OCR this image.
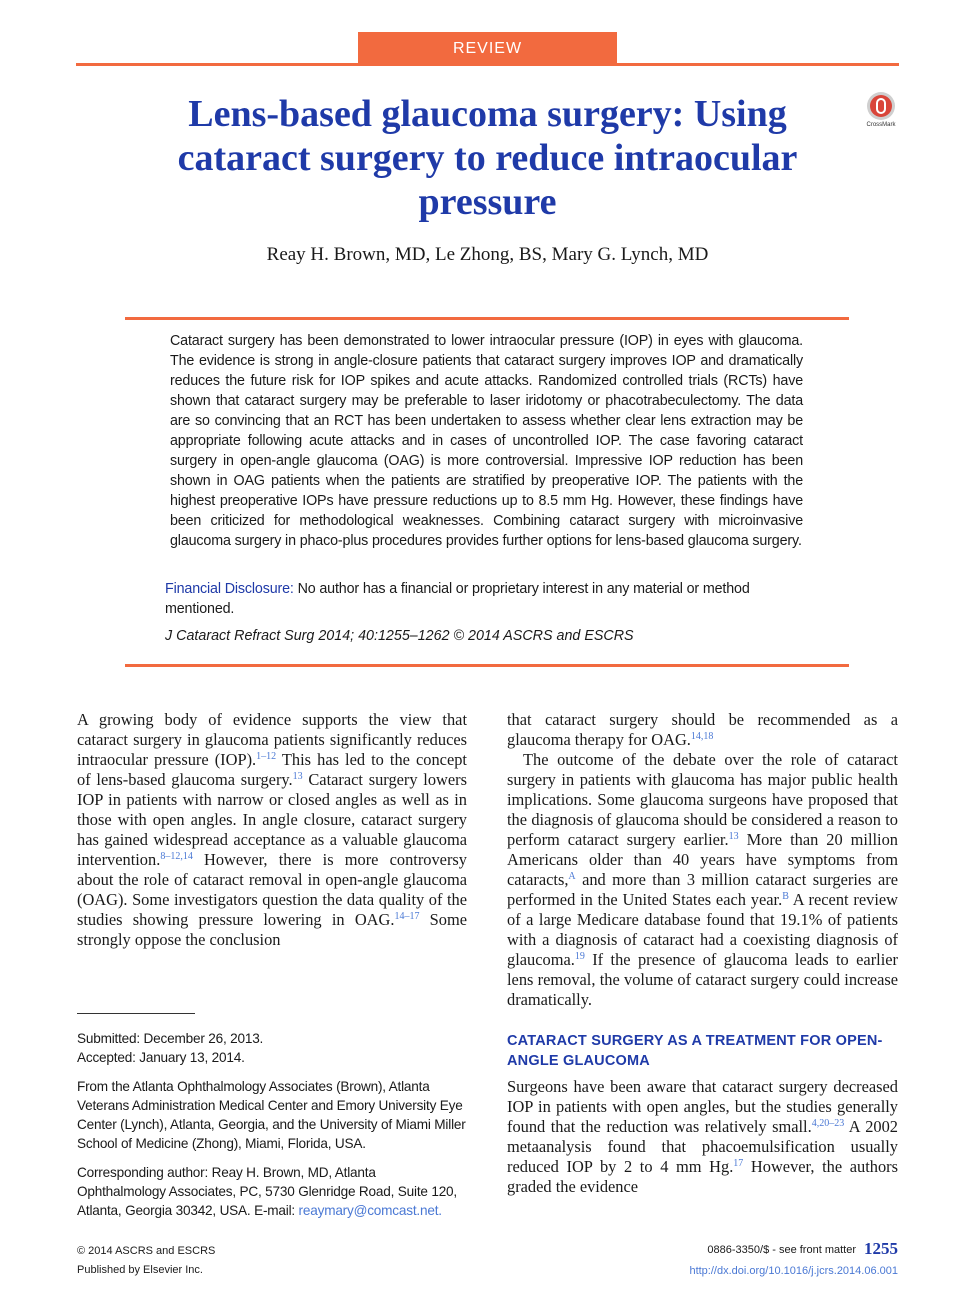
REVIEW
Lens-based glaucoma surgery: Using cataract surgery to reduce intraocular pressure
CrossMark
Reay H. Brown, MD, Le Zhong, BS, Mary G. Lynch, MD

Cataract surgery has been demonstrated to lower intraocular pressure (IOP) in eyes with glaucoma. The evidence is strong in angle-closure patients that cataract surgery improves IOP and dramatically reduces the future risk for IOP spikes and acute attacks. Randomized controlled trials (RCTs) have shown that cataract surgery may be preferable to laser iridotomy or phacotrabeculectomy. The data are so convincing that an RCT has been undertaken to assess whether clear lens extraction may be appropriate following acute attacks and in cases of uncontrolled IOP. The case favoring cataract surgery in open-angle glaucoma (OAG) is more controversial. Impressive IOP reduction has been shown in OAG patients when the patients are stratified by preoperative IOP. The patients with the highest preoperative IOPs have pressure reductions up to 8.5 mm Hg. However, these findings have been criticized for methodological weaknesses. Combining cataract surgery with microinvasive glaucoma surgery in phaco-plus procedures provides further options for lens-based glaucoma surgery.

Financial Disclosure: No author has a financial or proprietary interest in any material or method mentioned.

J Cataract Refract Surg 2014; 40:1255–1262 © 2014 ASCRS and ESCRS

A growing body of evidence supports the view that cataract surgery in glaucoma patients significantly reduces intraocular pressure (IOP).$^{1-12}$ This has led to the concept of lens-based glaucoma surgery.$^{13}$ Cataract surgery lowers IOP in patients with narrow or closed angles as well as in those with open angles. In angle closure, cataract surgery has gained widespread acceptance as a valuable glaucoma intervention.$^{8-12,14}$ However, there is more controversy about the role of cataract removal in open-angle glaucoma (OAG). Some investigators question the data quality of the studies showing pressure lowering in OAG.$^{14-17}$ Some strongly oppose the conclusion

that cataract surgery should be recommended as a glaucoma therapy for OAG.$^{14,18}$

The outcome of the debate over the role of cataract surgery in patients with glaucoma has major public health implications. Some glaucoma surgeons have proposed that the diagnosis of glaucoma should be considered a reason to perform cataract surgery earlier.$^{13}$ More than 20 million Americans older than 40 years have symptoms from cataracts,$^A$ and more than 3 million cataract surgeries are performed in the United States each year.$^B$ A recent review of a large Medicare database found that 19.1% of patients with a diagnosis of cataract had a coexisting diagnosis of glaucoma.$^{19}$ If the presence of glaucoma leads to earlier lens removal, the volume of cataract surgery could increase dramatically.

CATARACT SURGERY AS A TREATMENT FOR OPEN-ANGLE GLAUCOMA

Surgeons have been aware that cataract surgery decreased IOP in patients with open angles, but the studies generally found that the reduction was relatively small.$^{4,20-23}$ A 2002 metaanalysis found that phacoemulsification usually reduced IOP by 2 to 4 mm Hg.$^{17}$ However, the authors graded the evidence

Submitted: December 26, 2013.

Accepted: January 13, 2014.

From the Atlanta Ophthalmology Associates (Brown), Atlanta Veterans Administration Medical Center and Emory University Eye Center (Lynch), Atlanta, Georgia, and the University of Miami Miller School of Medicine (Zhong), Miami, Florida, USA.

Corresponding author: Reay H. Brown, MD, Atlanta Ophthalmology Associates, PC, 5730 Glenridge Road, Suite 120, Atlanta, Georgia 30342, USA. E-mail: reaymary@comcast.net.

© 2014 ASCRS and ESCRS
Published by Elsevier Inc.
0886-3350/$ - see front matter 1255
http://dx.doi.org/10.1016/j.jcrs.2014.06.001
